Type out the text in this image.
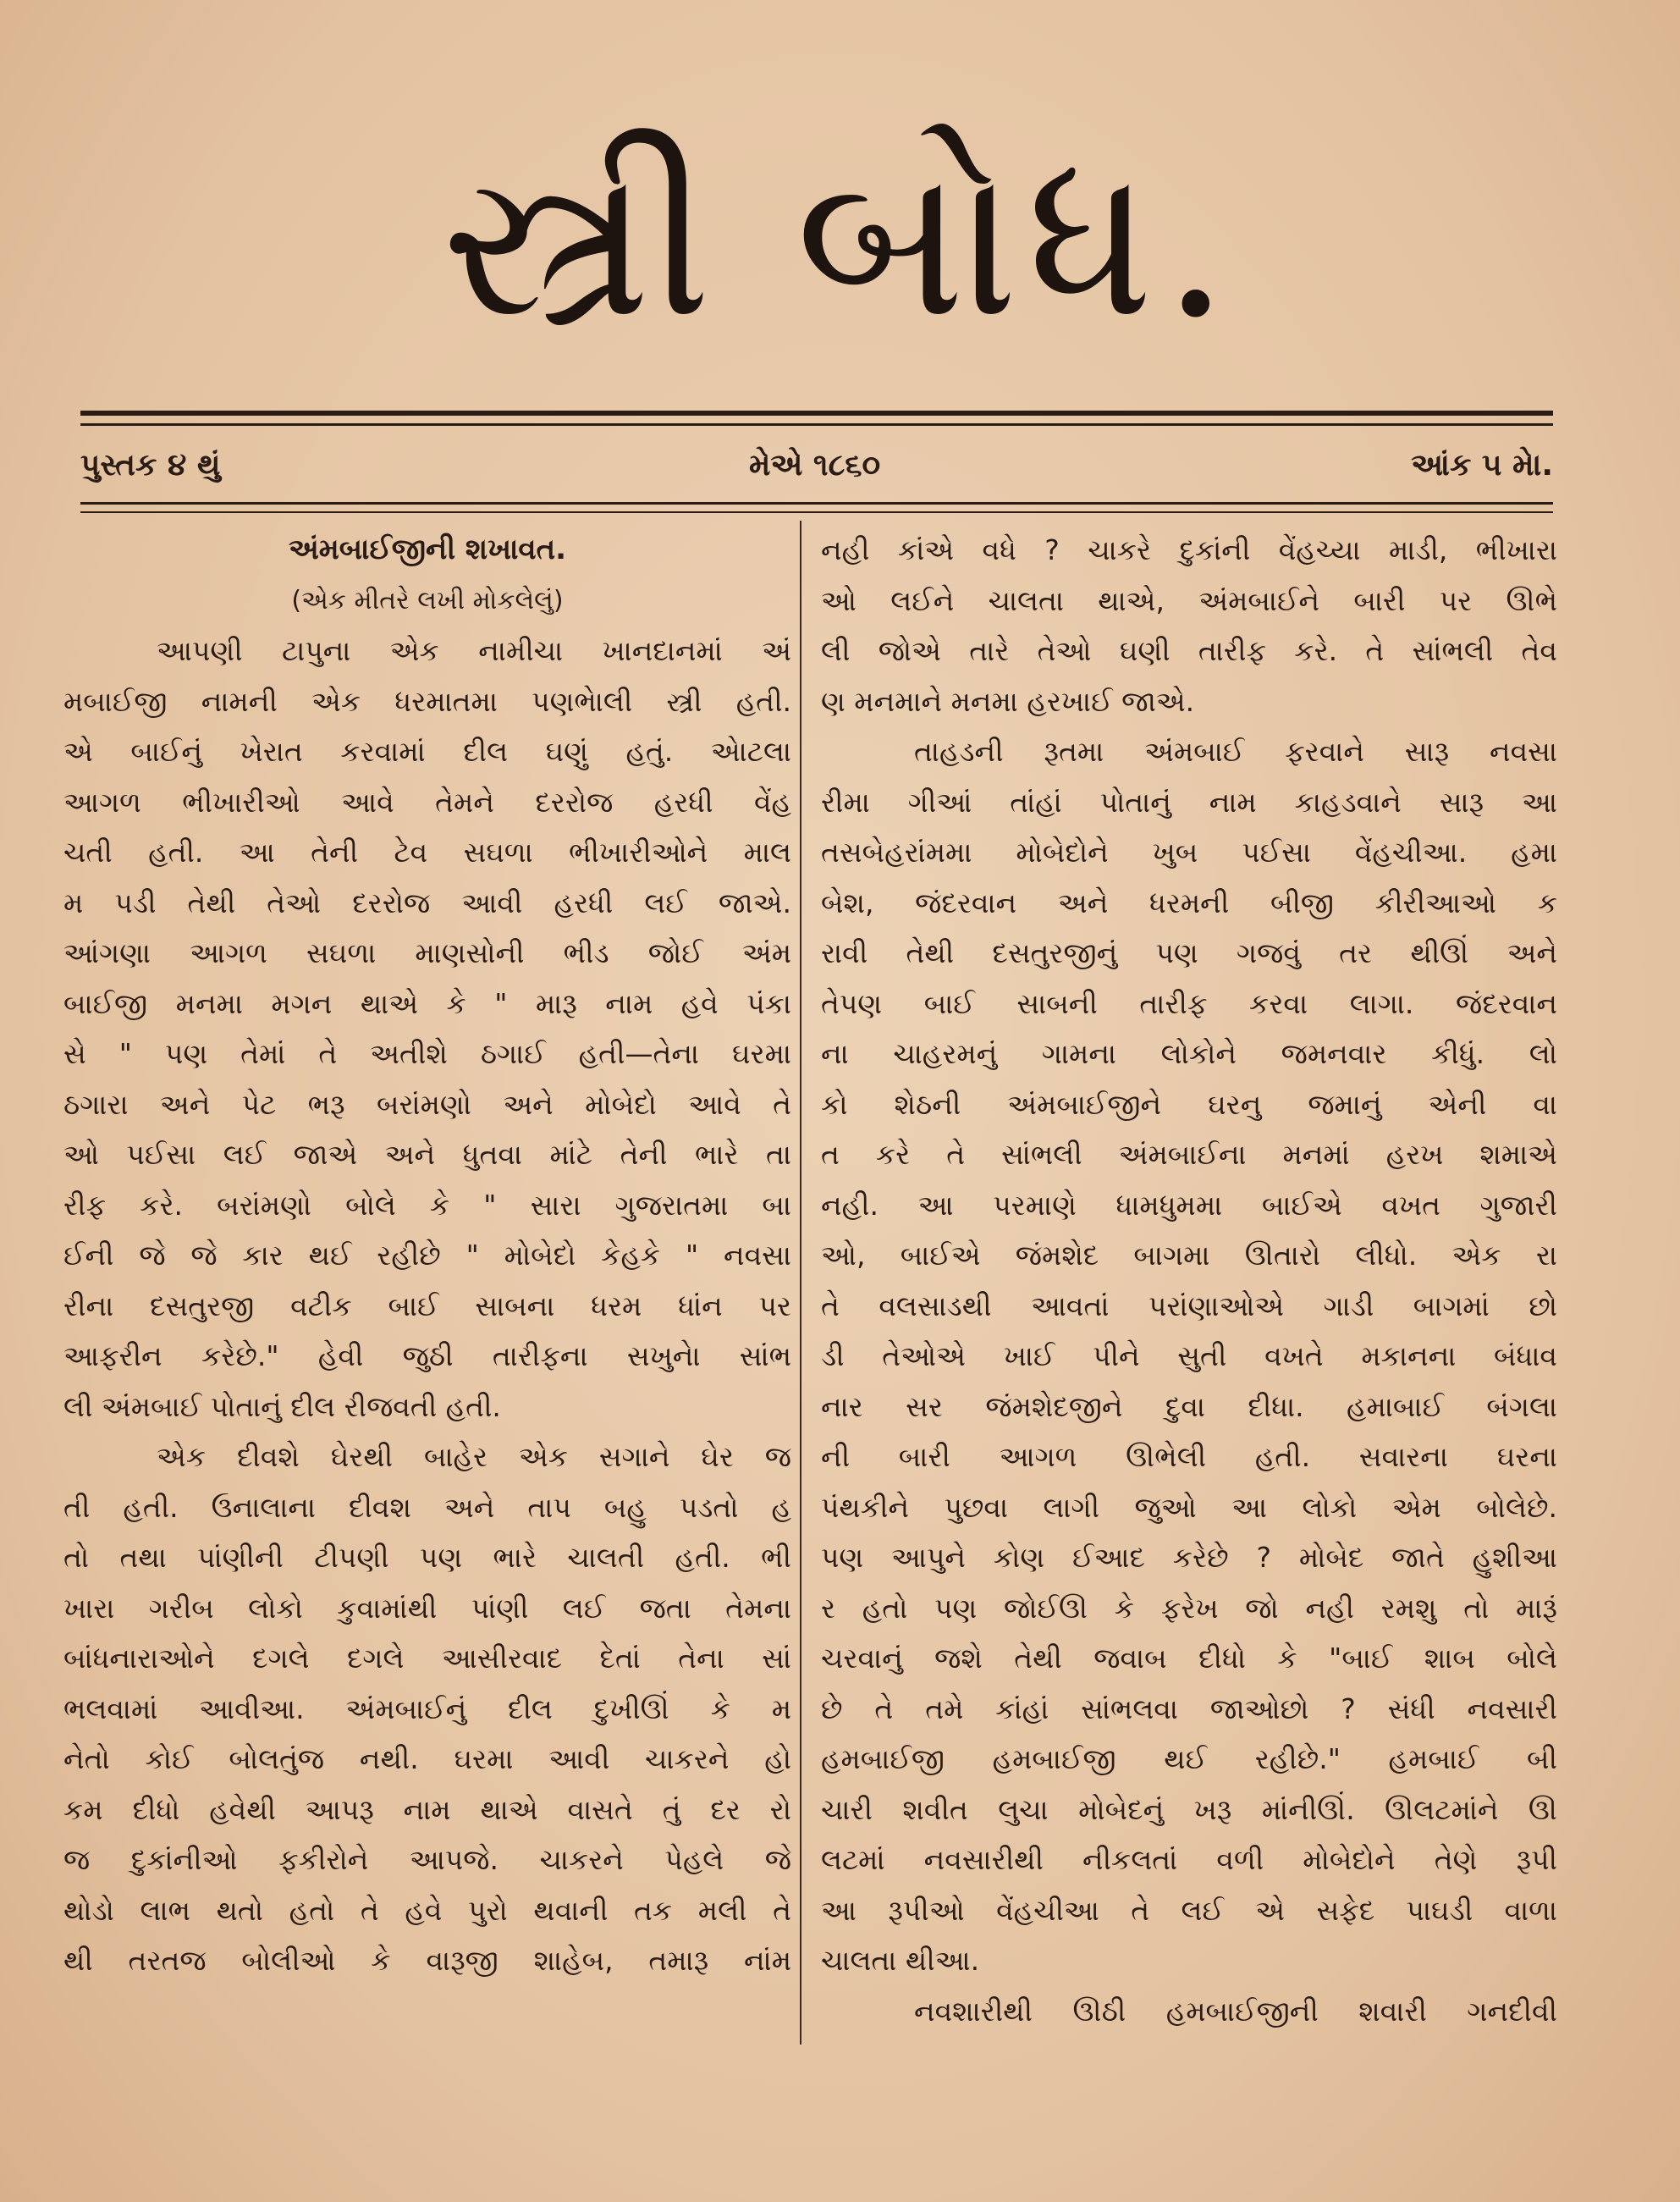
સ્ત્રી બોધ.
પુસ્તક ૪ થું	મેએ ૧૮૬૦	આંક ૫ મેા.
અંમબાઈજીની શખાવત.
(એક મીતરે લખી મોકલેલું)
આપણી ટાપુના એક નામીચા ખાનદાનમાં અં
મબાઈજી નામની એક ધરમાતમા પણભેાલી સ્ત્રી હતી.
એ બાઈનું ખેરાત કરવામાં દીલ ઘણું હતું. એાટલા
આગળ ભીખારીઓ આવે તેમને દરરોજ હરધી વેંહ
ચતી હતી. આ તેની ટેવ સઘળા ભીખારીઓને માલ
મ પડી તેથી તેઓ દરરોજ આવી હરધી લઈ જાએ.
આંગણા આગળ સઘળા માણસોની ભીડ જોઈ અંમ
બાઈજી મનમા મગન થાએ કે " મારૂ નામ હવે પંકા
સે " પણ તેમાં તે અતીશે ઠગાઈ હતી—તેના ઘરમા
ઠગારા અને પેટ ભરૂ બરાંમણો અને મોબેદો આવે તે
ઓ પઈસા લઈ જાએ અને ધુતવા માંટે તેની ભારે તા
રીફ કરે. બરાંમણો બોલે કે " સારા ગુજરાતમા બા
ઈની જે જે કાર થઈ રહીછે " મોબેદો કેહકે " નવસા
રીના દસતુરજી વટીક બાઈ સાબના ધરમ ધાંન પર
આફરીન કરેછે." હેવી જુઠી તારીફના સખુનેા સાંભ
લી અંમબાઈ પોતાનું દીલ રીજવતી હતી.
એક દીવશે ઘેરથી બાહેર એક સગાને ઘેર જ
તી હતી. ઉનાલાના દીવશ અને તાપ બહુ પડતો હ
તો તથા પાંણીની ટીપણી પણ ભારે ચાલતી હતી. ભી
ખારા ગરીબ લોકો કુવામાંથી પાંણી લઈ જતા તેમના
બાંધનારાઓને દગલે દગલે આસીરવાદ દેતાં તેના સાં
ભલવામાં આવીઆ. અંમબાઈનું દીલ દુખીઊં કે મ
નેતો કોઈ બોલતુંજ નથી. ઘરમા આવી ચાકરને હો
કમ દીધો હવેથી આપરૂ નામ થાએ વાસતે તું દર રો
જ દુકાંનીઓ ફકીરોને આપજે. ચાકરને પેહલે જે
થોડો લાભ થતો હતો તે હવે પુરો થવાની તક મલી તે
થી તરતજ બોલીઓ કે વારૂજી શાહેબ, તમારૂ નાંમ
નહી કાંએ વધે ? ચાકરે દુકાંની વેંહચ્યા માડી, ભીખારા
ઓ લઈને ચાલતા થાએ, અંમબાઈને બારી પર ઊભે
લી જોએ તારે તેઓ ઘણી તારીફ કરે. તે સાંભલી તેવ
ણ મનમાને મનમા હરખાઈ જાએ.
તાહડની રૂતમા અંમબાઈ ફરવાને સારૂ નવસા
રીમા ગીઆં તાંહાં પોતાનું નામ કાહડવાને સારૂ આ
તસબેહરાંમમા મોબેદોને ખુબ પઈસા વેંહચીઆ. હમા
બેશ, જંદરવાન અને ધરમની બીજી કીરીઆઓ ક
રાવી તેથી દસતુરજીનું પણ ગજવું તર થીઊં અને
તેપણ બાઈ સાબની તારીફ કરવા લાગા. જંદરવાન
ના ચાહરમનું ગામના લોકોને જમનવાર કીધું. લો
કો શેઠની અંમબાઈજીને ઘરનુ જમાનું એની વા
ત કરે તે સાંભલી અંમબાઈના મનમાં હરખ શમાએ
નહી. આ પરમાણે ધામધુમમા બાઈએ વખત ગુજારી
ઓ, બાઈએ જંમશેદ બાગમા ઊતારો લીધો. એક રા
તે વલસાડથી આવતાં પરાંણાઓએ ગાડી બાગમાં છો
ડી તેઓએ ખાઈ પીને સુતી વખતે મકાનના બંધાવ
નાર સર જંમશેદજીને દુવા દીધા. હમાબાઈ બંગલા
ની બારી આગળ ઊભેલી હતી. સવારના ઘરના
પંથકીને પુછવા લાગી જુઓ આ લોકો એમ બોલેછે.
પણ આપુને કોણ ઈઆદ કરેછે ? મોબેદ જાતે હુશીઆ
ર હતો પણ જોઈઊ કે ફરેખ જો નહી રમશુ તો મારૂં
ચરવાનું જશે તેથી જવાબ દીધો કે "બાઈ શાબ બોલે
છે તે તમે કાંહાં સાંભલવા જાઓછો ? સંધી નવસારી
હમબાઈજી હમબાઈજી થઈ રહીછે." હમબાઈ બી
ચારી શવીત લુચા મોબેદનું ખરૂ માંનીઊં. ઊલટમાંને ઊ
લટમાં નવસારીથી નીકલતાં વળી મોબેદોને તેણે રૂપી
આ રૂપીઓ વેંહચીઆ તે લઈ એ સફેદ પાઘડી વાળા
ચાલતા થીઆ.
નવશારીથી ઊઠી હમબાઈજીની શવારી ગનદીવી
